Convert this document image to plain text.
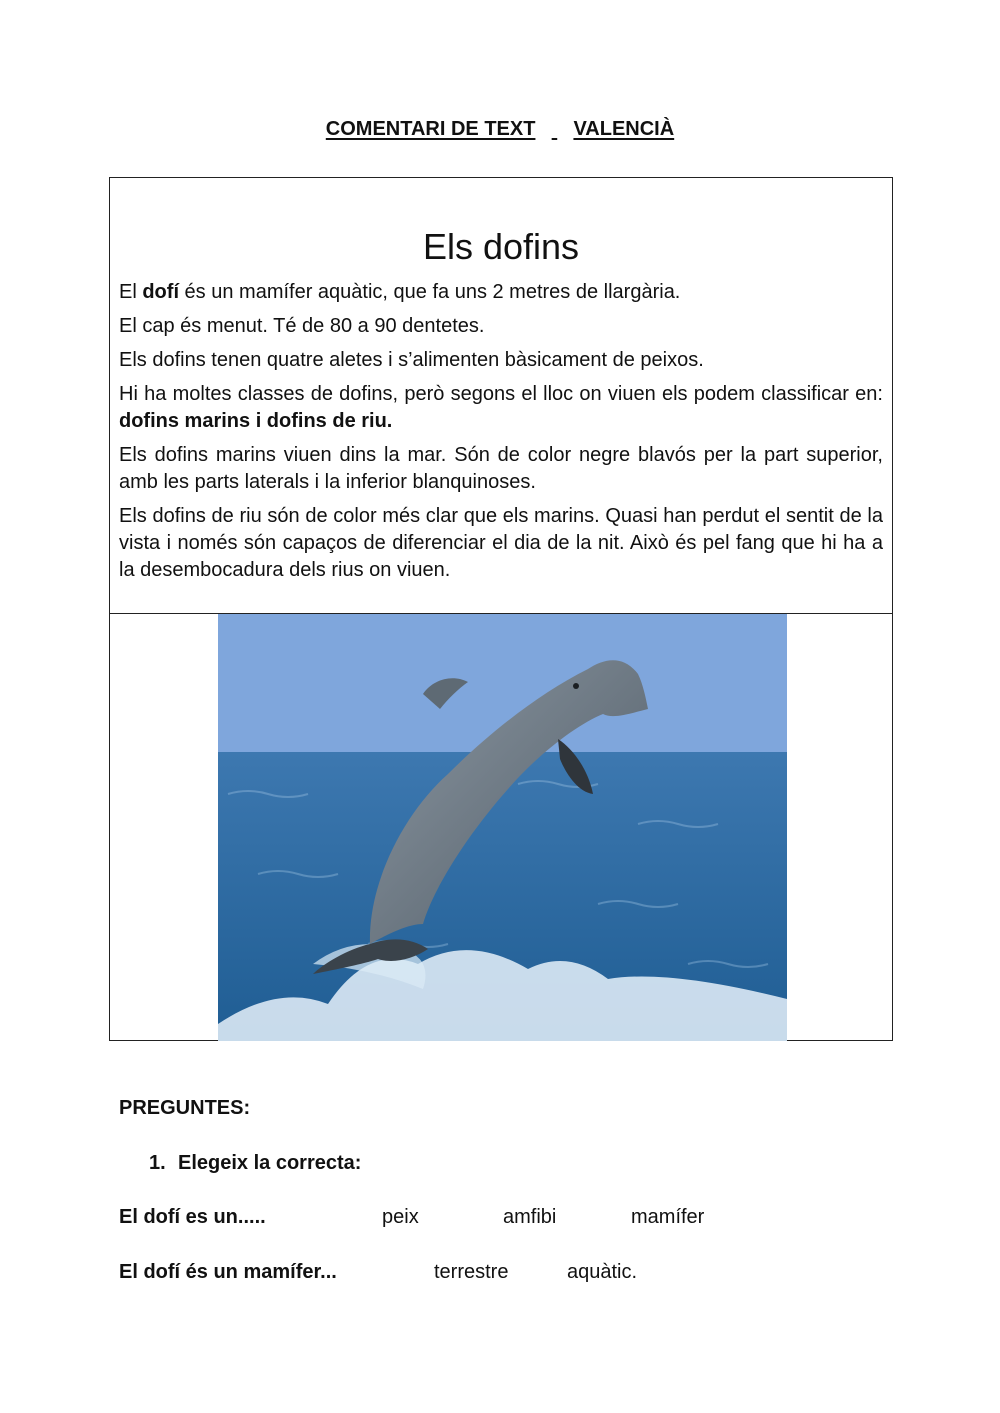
COMENTARI DE TEXT VALENCIÀ
Els dofins

El dofí és un mamífer aquàtic, que fa uns 2 metres de llargària.

El cap és menut. Té de 80 a 90 dentetes.

Els dofins tenen quatre aletes i s’alimenten bàsicament de peixos.

Hi ha moltes classes de dofins, però segons el lloc on viuen els podem classificar en: dofins marins i dofins de riu.

Els dofins marins viuen dins la mar. Són de color negre blavós per la part superior, amb les parts laterals i la inferior blanquinoses.

Els dofins de riu són de color més clar que els marins. Quasi han perdut el sentit de la vista i només són capaços de diferenciar el dia de la nit. Això és pel fang que hi ha a la desembocadura dels rius on viuen.

PREGUNTES:
1. Elegeix la correcta:
El dofí es un.....	peix	amfibi	mamífer
El dofí és un mamífer...	terrestre	aquàtic.
